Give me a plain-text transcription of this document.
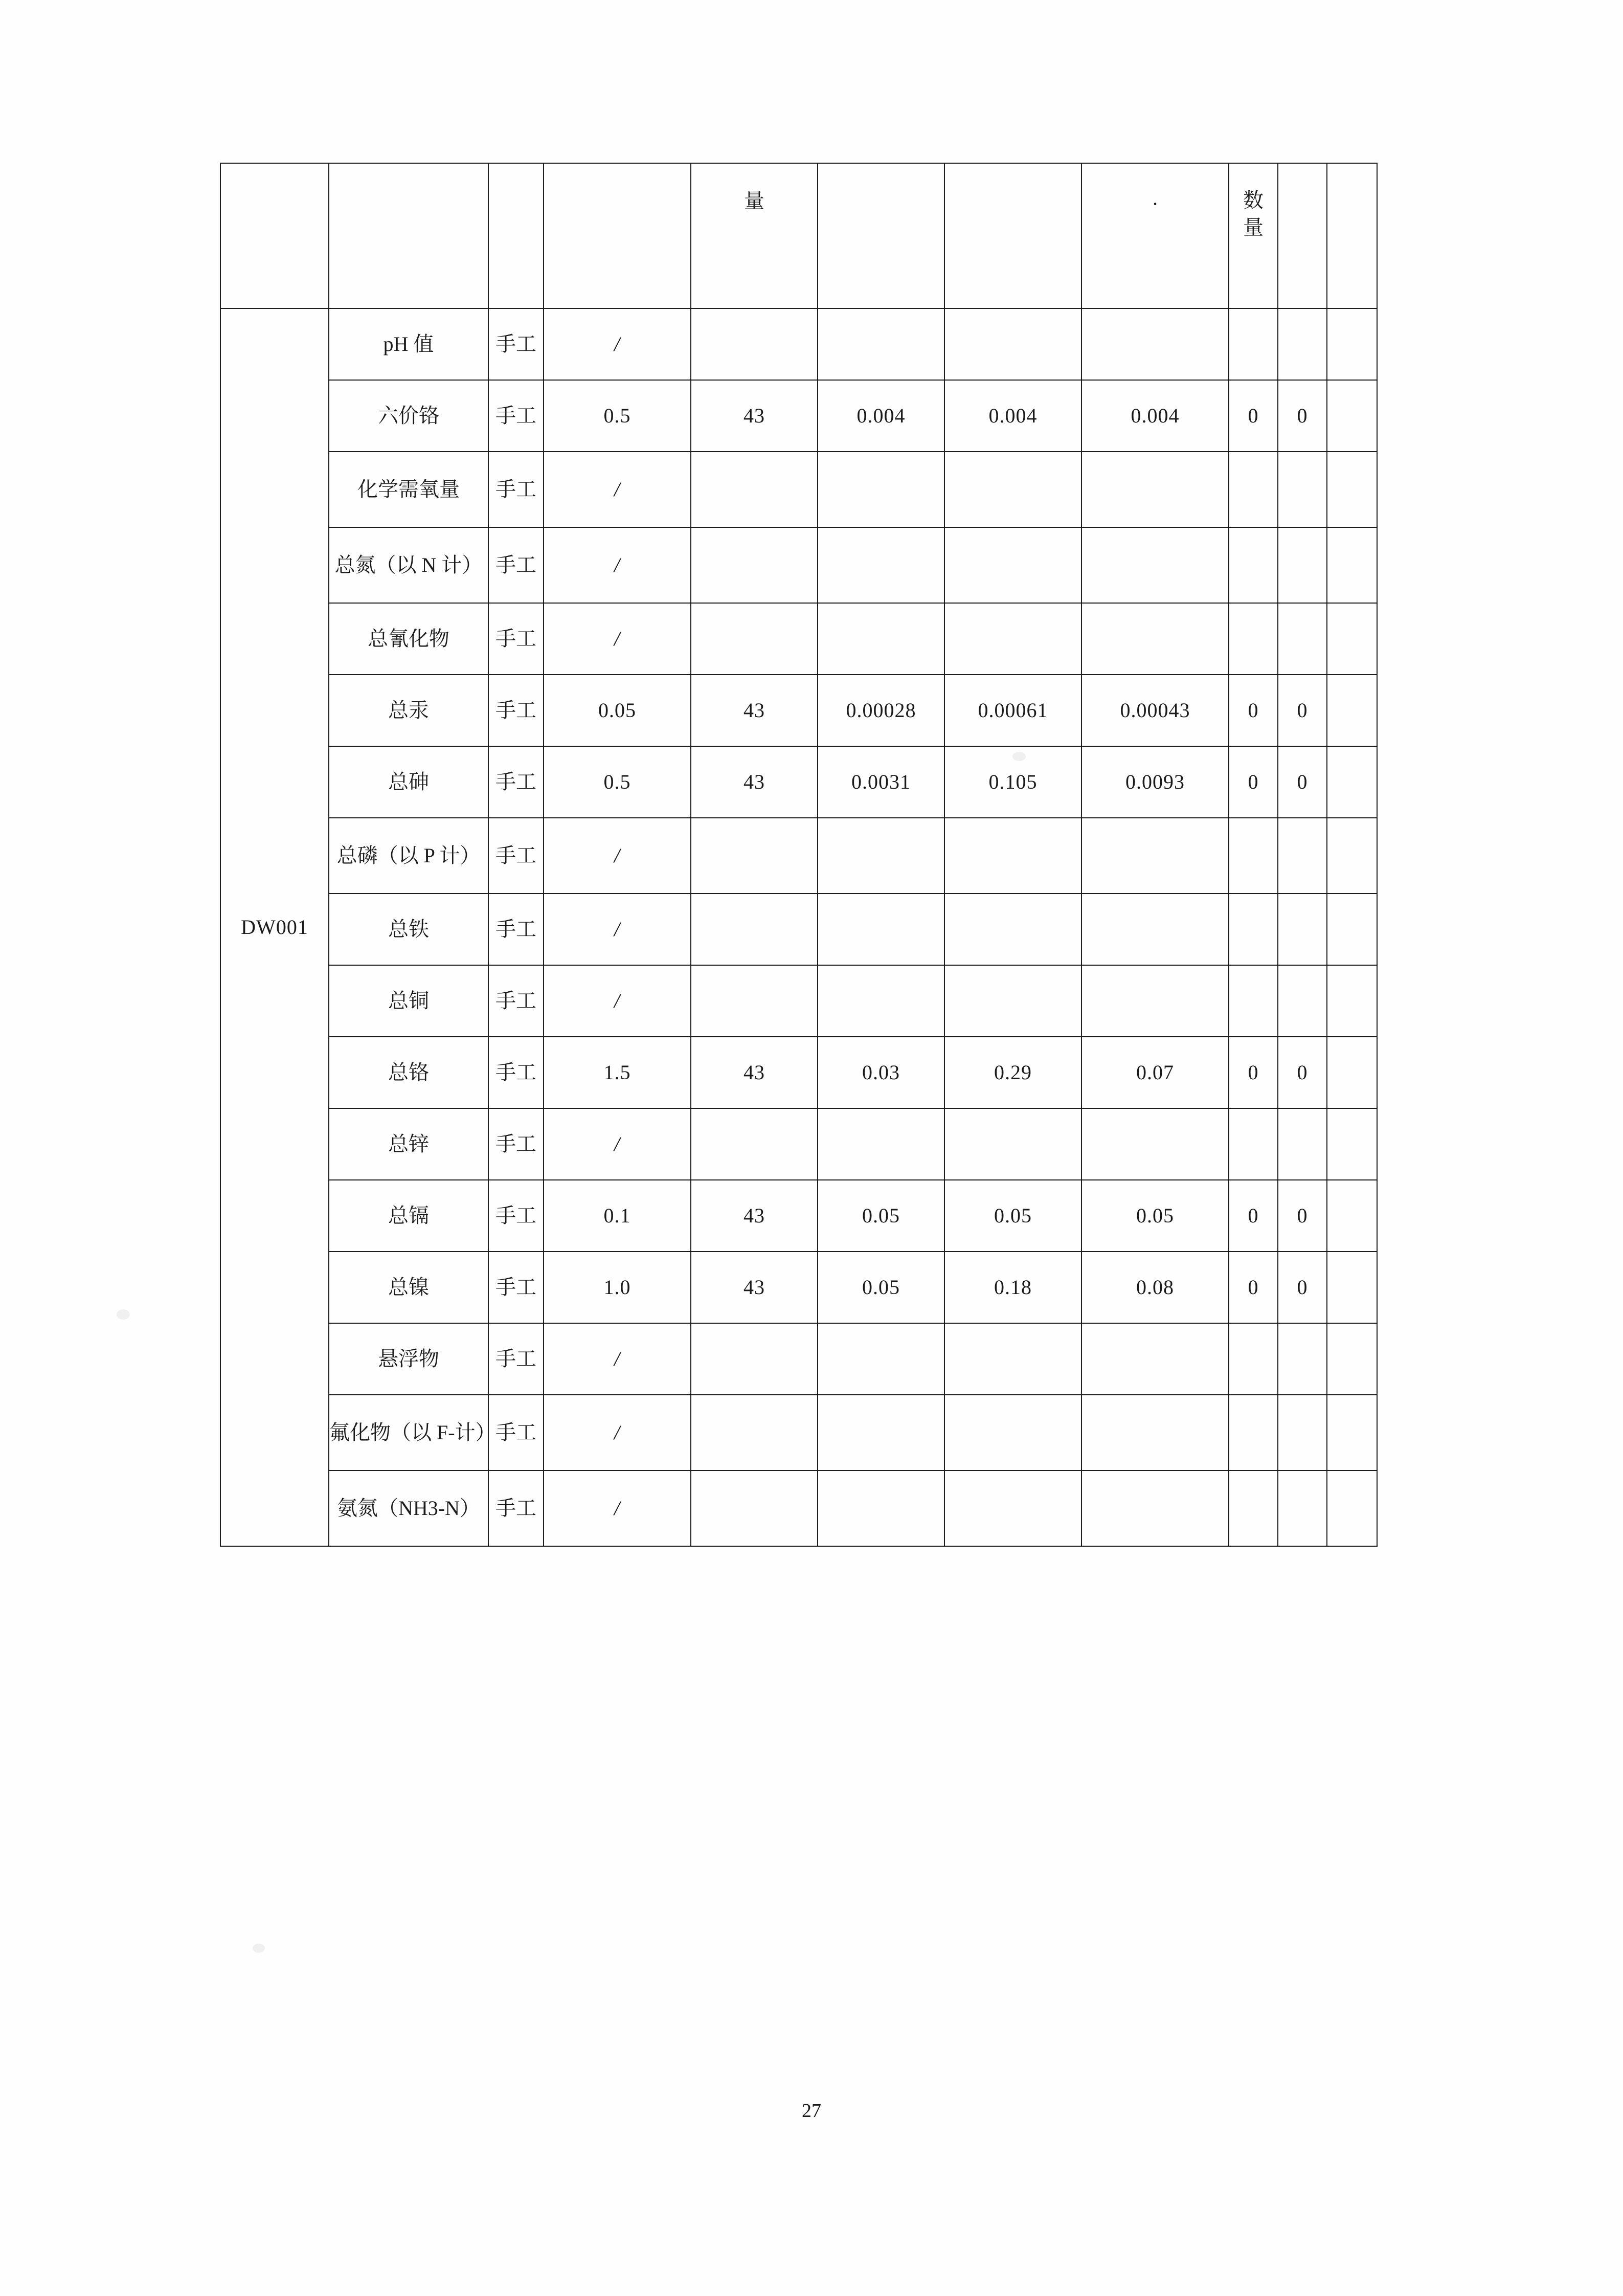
				量			·	数量		

DW001	pH 值	手工	/							
	六价铬	手工	0.5	43	0.004	0.004	0.004	0	0	
	化学需氧量	手工	/							
	总氮（以 N 计）	手工	/							
	总氰化物	手工	/							
	总汞	手工	0.05	43	0.00028	0.00061	0.00043	0	0	
	总砷	手工	0.5	43	0.0031	0.105	0.0093	0	0	
	总磷（以 P 计）	手工	/							
	总铁	手工	/							
	总铜	手工	/							
	总铬	手工	1.5	43	0.03	0.29	0.07	0	0	
	总锌	手工	/							
	总镉	手工	0.1	43	0.05	0.05	0.05	0	0	
	总镍	手工	1.0	43	0.05	0.18	0.08	0	0	
	悬浮物	手工	/							
	氟化物（以 F-计）	手工	/							
	氨氮（NH3-N）	手工	/							
27
